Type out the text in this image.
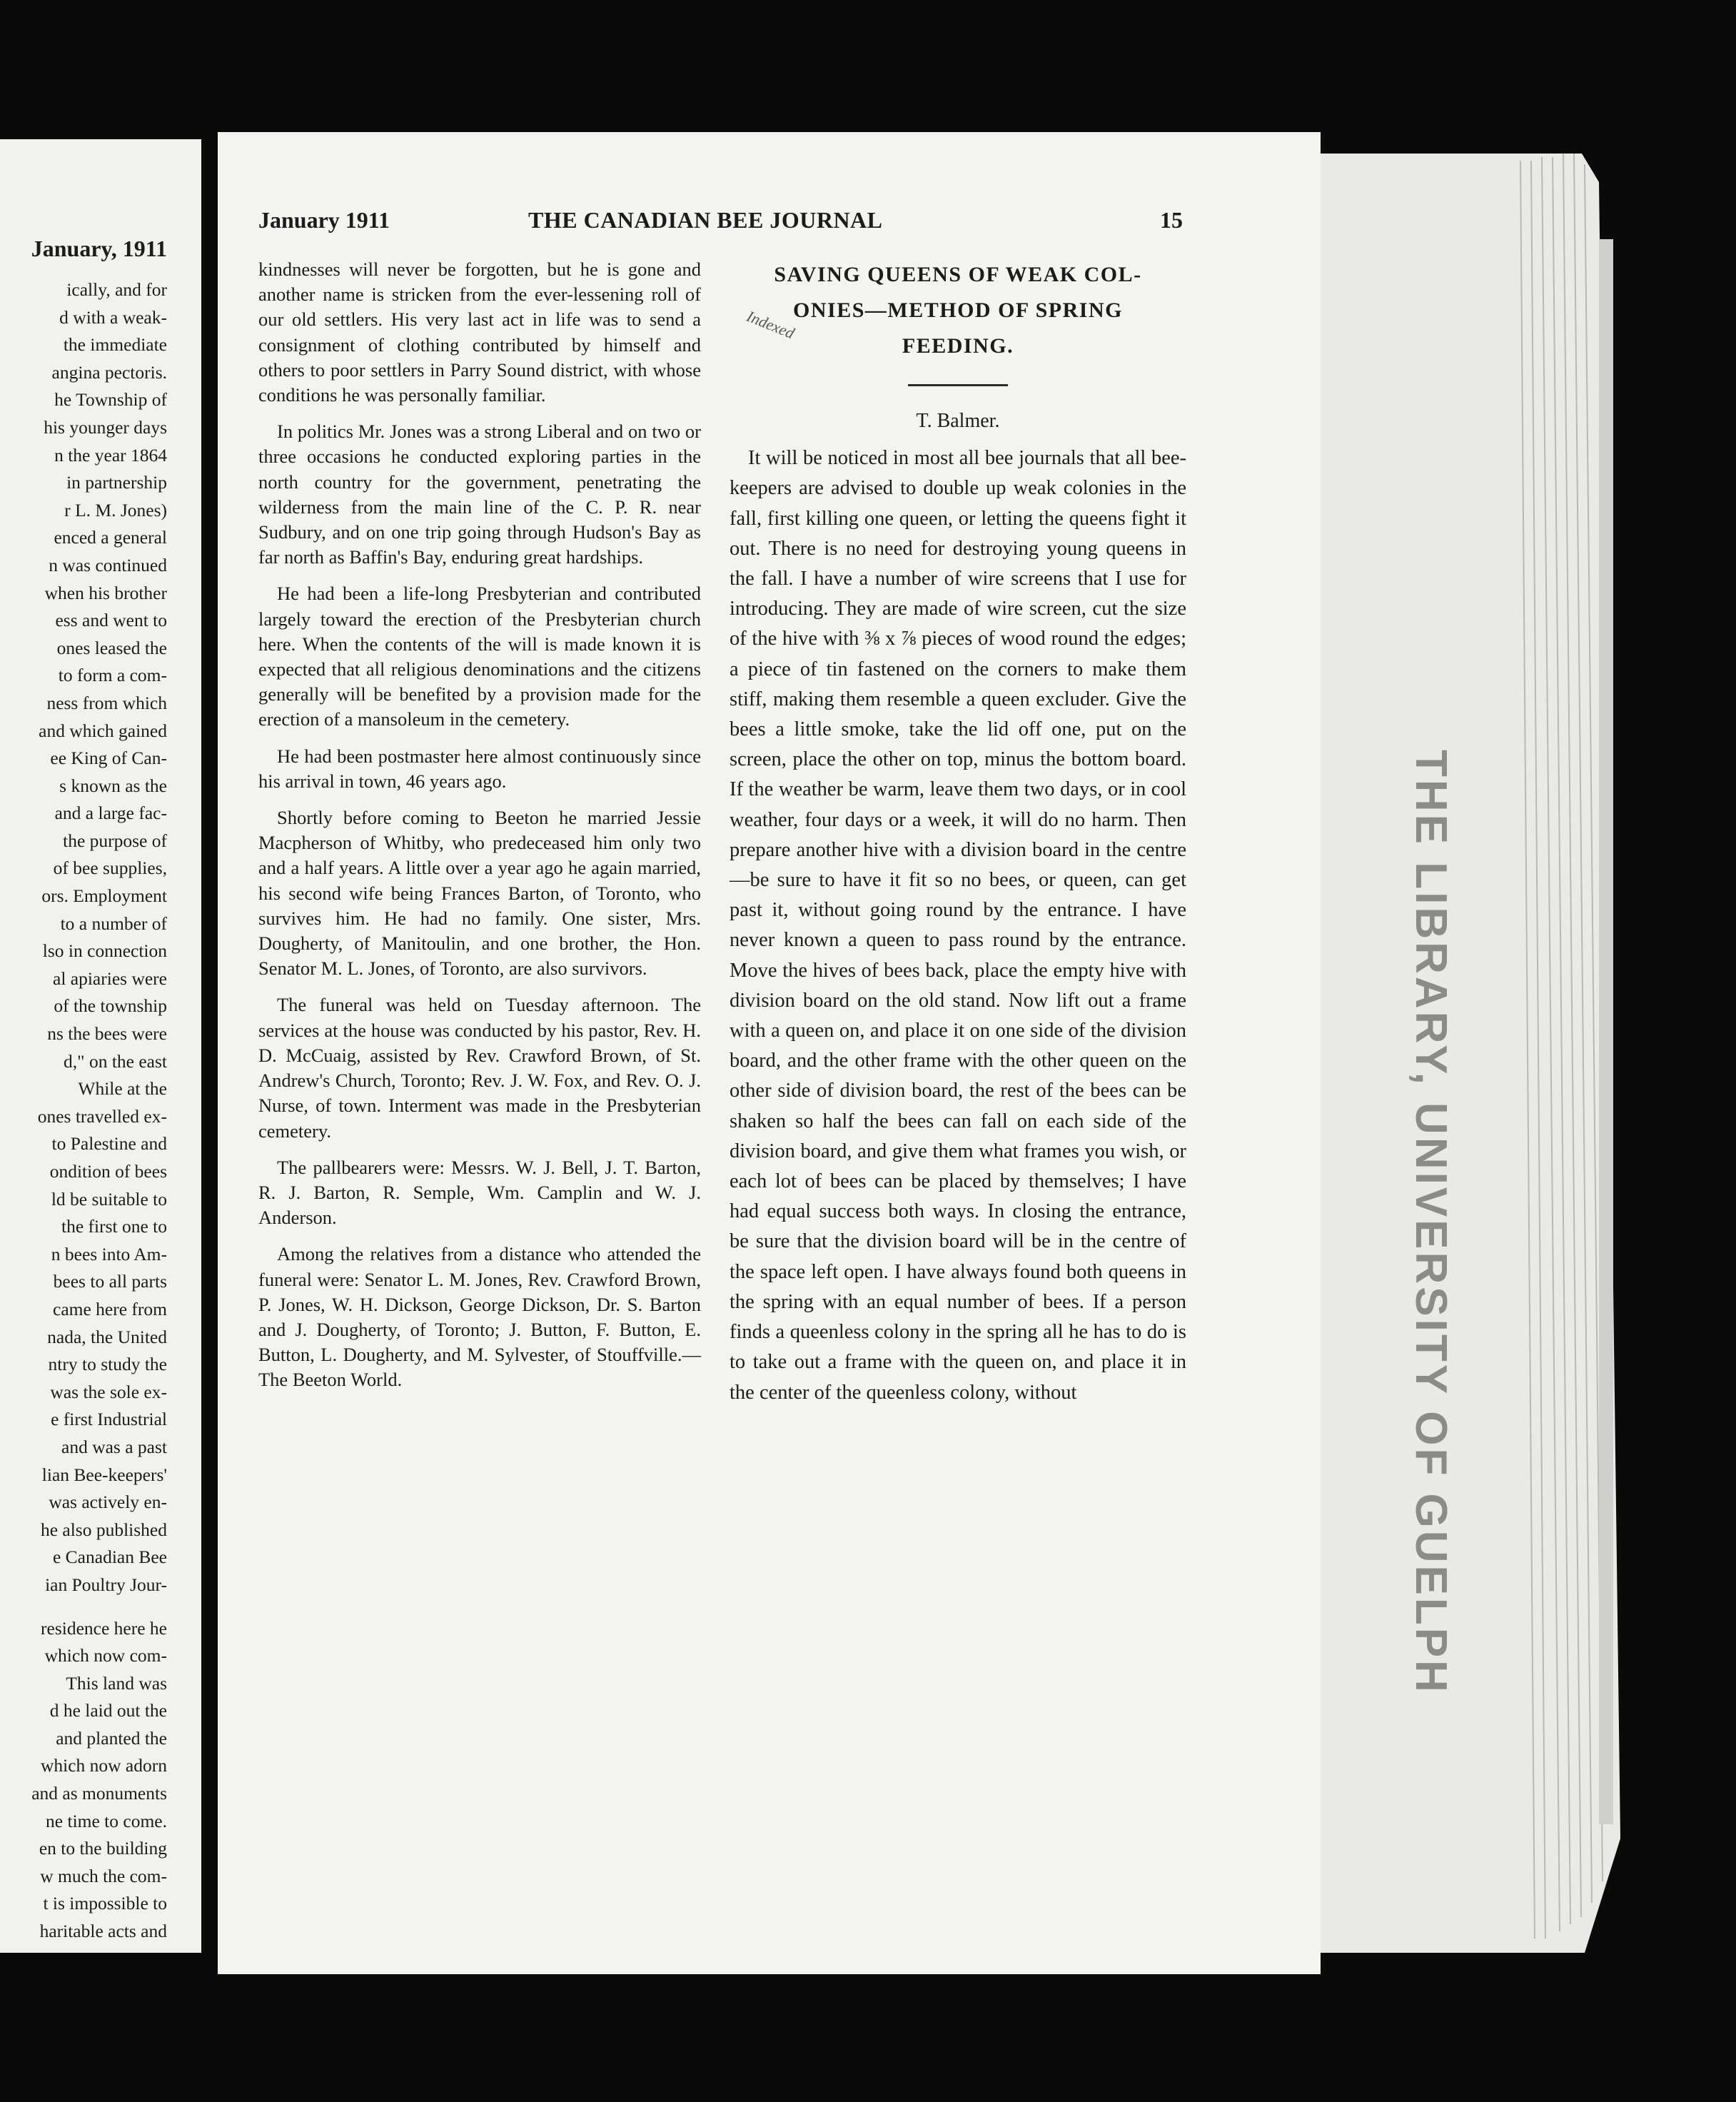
January, 1911
ically, and for
d with a weak-
the immediate
angina pectoris.
he Township of
his younger days
n the year 1864
in partnership
r L. M. Jones)
enced a general
n was continued
when his brother
ess and went to
ones leased the
to form a com-
ness from which
and which gained
ee King of Can-
s known as the
and a large fac-
the purpose of
of bee supplies,
ors. Employment
to a number of
lso in connection
al apiaries were
of the township
ns the bees were
d," on the east
While at the
ones travelled ex-
to Palestine and
ondition of bees
ld be suitable to
the first one to
n bees into Am-
bees to all parts
came here from
nada, the United
ntry to study the
was the sole ex-
e first Industrial
and was a past
lian Bee-keepers'
was actively en-
he also published
e Canadian Bee
ian Poultry Jour-
residence here he
which now com-
This land was
d he laid out the
and planted the
which now adorn
and as monuments
ne time to come.
en to the building
w much the com-
t is impossible to
haritable acts and
January 1911	THE CANADIAN BEE JOURNAL	15

kindnesses will never be forgotten, but he is gone and another name is stricken from the ever-lessening roll of our old settlers. His very last act in life was to send a consignment of clothing contributed by himself and others to poor settlers in Parry Sound district, with whose conditions he was personally familiar.

In politics Mr. Jones was a strong Liberal and on two or three occasions he conducted exploring parties in the north country for the government, penetrating the wilderness from the main line of the C. P. R. near Sudbury, and on one trip going through Hudson's Bay as far north as Baffin's Bay, enduring great hardships.

He had been a life-long Presbyterian and contributed largely toward the erection of the Presbyterian church here. When the contents of the will is made known it is expected that all religious denominations and the citizens generally will be benefited by a provision made for the erection of a mansoleum in the cemetery.

He had been postmaster here almost continuously since his arrival in town, 46 years ago.

Shortly before coming to Beeton he married Jessie Macpherson of Whitby, who predeceased him only two and a half years. A little over a year ago he again married, his second wife being Frances Barton, of Toronto, who survives him. He had no family. One sister, Mrs. Dougherty, of Manitoulin, and one brother, the Hon. Senator M. L. Jones, of Toronto, are also survivors.

The funeral was held on Tuesday afternoon. The services at the house was conducted by his pastor, Rev. H. D. McCuaig, assisted by Rev. Crawford Brown, of St. Andrew's Church, Toronto; Rev. J. W. Fox, and Rev. O. J. Nurse, of town. Interment was made in the Presbyterian cemetery.

The pallbearers were: Messrs. W. J. Bell, J. T. Barton, R. J. Barton, R. Semple, Wm. Camplin and W. J. Anderson.

Among the relatives from a distance who attended the funeral were: Senator L. M. Jones, Rev. Crawford Brown, P. Jones, W. H. Dickson, George Dickson, Dr. S. Barton and J. Dougherty, of Toronto; J. Button, F. Button, E. Button, L. Dougherty, and M. Sylvester, of Stouffville.—The Beeton World.

SAVING QUEENS OF WEAK COL-
ONIES—METHOD OF SPRING
FEEDING.
T. Balmer.

It will be noticed in most all bee journals that all bee-keepers are advised to double up weak colonies in the fall, first killing one queen, or letting the queens fight it out. There is no need for destroying young queens in the fall. I have a number of wire screens that I use for introducing. They are made of wire screen, cut the size of the hive with ⅜ x ⅞ pieces of wood round the edges; a piece of tin fastened on the corners to make them stiff, making them resemble a queen excluder. Give the bees a little smoke, take the lid off one, put on the screen, place the other on top, minus the bottom board. If the weather be warm, leave them two days, or in cool weather, four days or a week, it will do no harm. Then prepare another hive with a division board in the centre—be sure to have it fit so no bees, or queen, can get past it, without going round by the entrance. I have never known a queen to pass round by the entrance. Move the hives of bees back, place the empty hive with division board on the old stand. Now lift out a frame with a queen on, and place it on one side of the division board, and the other frame with the other queen on the other side of division board, the rest of the bees can be shaken so half the bees can fall on each side of the division board, and give them what frames you wish, or each lot of bees can be placed by themselves; I have had equal success both ways. In closing the entrance, be sure that the division board will be in the centre of the space left open. I have always found both queens in the spring with an equal number of bees. If a person finds a queenless colony in the spring all he has to do is to take out a frame with the queen on, and place it in the center of the queenless colony, without

Indexed
THE LIBRARY, UNIVERSITY OF GUELPH
